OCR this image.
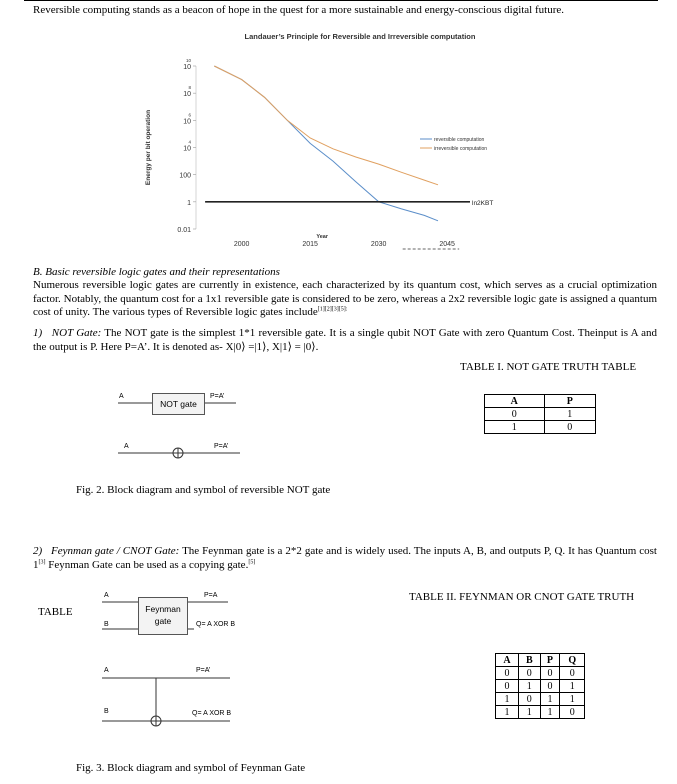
Reversible computing stands as a beacon of hope in the quest for a more sustainable and energy-conscious digital future.
Landauer’s Principle for Reversible and Irreversible computation
Energy per bit operation
10
10
10
8
10
6
10
4
100
1
0.01
2000	2015	2030	2045
Year
ln2KBT
reversible computation
irreversible computation
B. Basic reversible logic gates and their representations
Numerous reversible logic gates are currently in existence, each characterized by its quantum cost, which serves as a crucial optimization factor. Notably, the quantum cost for a 1x1 reversible gate is considered to be zero, whereas a 2x2 reversible logic gate is assigned a quantum cost of unity. The various types of Reversible logic gates include$^{[1][2][3][5]:}$
1) NOT Gate: The NOT gate is the simplest 1*1 reversible gate. It is a single qubit NOT Gate with zero Quantum Cost. Theinput is A and the output is P. Here P=A’. It is denoted as- X|0⟩ =|1⟩, X|1⟩ = |0⟩.
TABLE I. NOT GATE TRUTH TABLE
A	P
0	1
1	0
NOT gate
A	P=A’
A	P=A’
Fig. 2. Block diagram and symbol of reversible NOT gate
2) Feynman gate / CNOT Gate: The Feynman gate is a 2*2 gate and is widely used. The inputs A, B, and outputs P, Q. It has Quantum cost 1[3] Feynman Gate can be used as a copying gate.[5]
TABLE II. FEYNMAN OR CNOT GATE TRUTH
TABLE
A	B	P	Q
0	0	0	0
0	1	0	1
1	0	1	1
1	1	1	0
Feynman
gate
A
B
P=A
Q= A XOR B
A
B
P=A’
Q= A XOR B
Fig. 3. Block diagram and symbol of Feynman Gate
